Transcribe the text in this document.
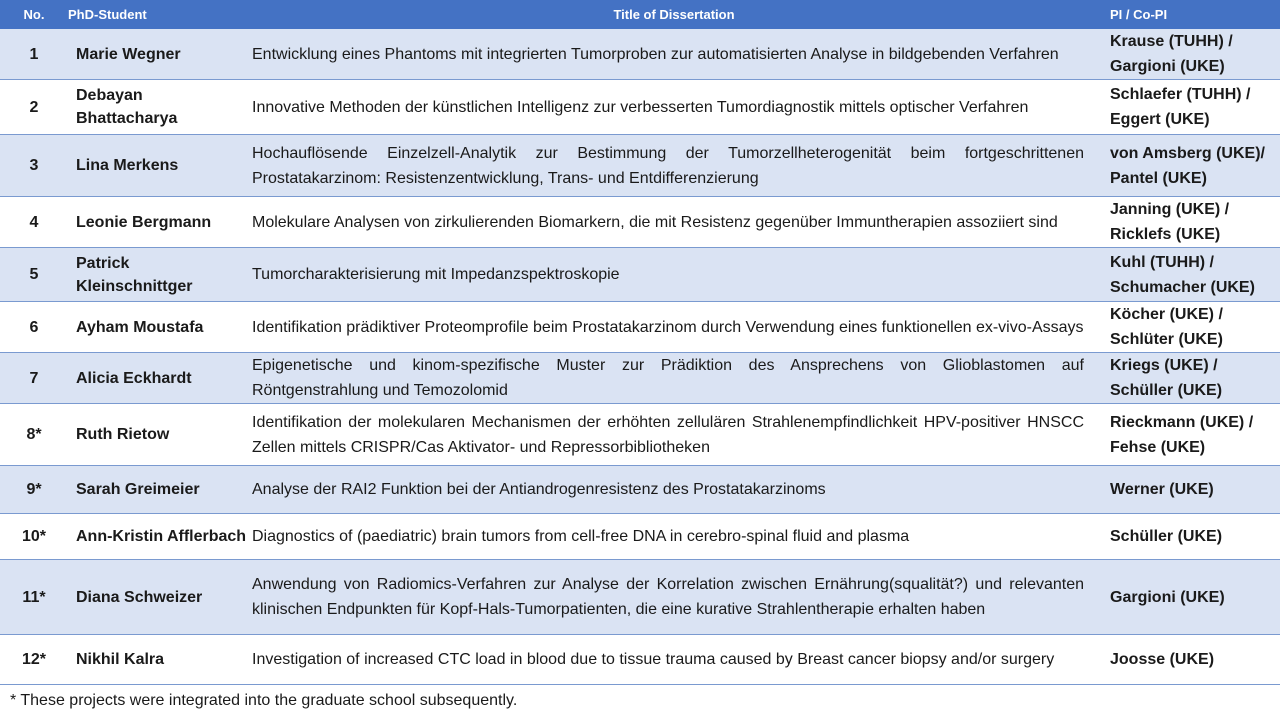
No.	PhD-Student	Title of Dissertation	PI / Co-PI
1	Marie Wegner	Entwicklung eines Phantoms mit integrierten Tumorproben zur automatisierten Analyse in bildgebenden Verfahren	Krause (TUHH) / Gargioni (UKE)
2	Debayan Bhattacharya	Innovative Methoden der künstlichen Intelligenz zur verbesserten Tumordiagnostik mittels optischer Verfahren	Schlaefer (TUHH) / Eggert (UKE)
3	Lina Merkens	Hochauflösende Einzelzell-Analytik zur Bestimmung der Tumorzellheterogenität beim fortgeschrittenen Prostatakarzinom: Resistenzentwicklung, Trans- und Entdifferenzierung	von Amsberg (UKE)/ Pantel (UKE)
4	Leonie Bergmann	Molekulare Analysen von zirkulierenden Biomarkern, die mit Resistenz gegenüber Immuntherapien assoziiert sind	Janning (UKE) / Ricklefs (UKE)
5	Patrick Kleinschnittger	Tumorcharakterisierung mit Impedanzspektroskopie	Kuhl (TUHH) / Schumacher (UKE)
6	Ayham Moustafa	Identifikation prädiktiver Proteomprofile beim Prostatakarzinom durch Verwendung eines funktionellen ex-vivo-Assays	Köcher (UKE) / Schlüter (UKE)
7	Alicia Eckhardt	Epigenetische und kinom-spezifische Muster zur Prädiktion des Ansprechens von Glioblastomen auf Röntgenstrahlung und Temozolomid	Kriegs (UKE) / Schüller (UKE)
8*	Ruth Rietow	Identifikation der molekularen Mechanismen der erhöhten zellulären Strahlenempfindlichkeit HPV-positiver HNSCC Zellen mittels CRISPR/Cas Aktivator- und Repressorbibliotheken	Rieckmann (UKE) / Fehse (UKE)
9*	Sarah Greimeier	Analyse der RAI2 Funktion bei der Antiandrogenresistenz des Prostatakarzinoms	Werner (UKE)
10*	Ann-Kristin Afflerbach	Diagnostics of (paediatric) brain tumors from cell-free DNA in cerebro-spinal fluid and plasma	Schüller (UKE)
11*	Diana Schweizer	Anwendung von Radiomics-Verfahren zur Analyse der Korrelation zwischen Ernährung(squalität?) und relevanten klinischen Endpunkten für Kopf-Hals-Tumorpatienten, die eine kurative Strahlentherapie erhalten haben	Gargioni (UKE)
12*	Nikhil Kalra	Investigation of increased CTC load in blood due to tissue trauma caused by Breast cancer biopsy and/or surgery	Joosse (UKE)
* These projects were integrated into the graduate school subsequently.
